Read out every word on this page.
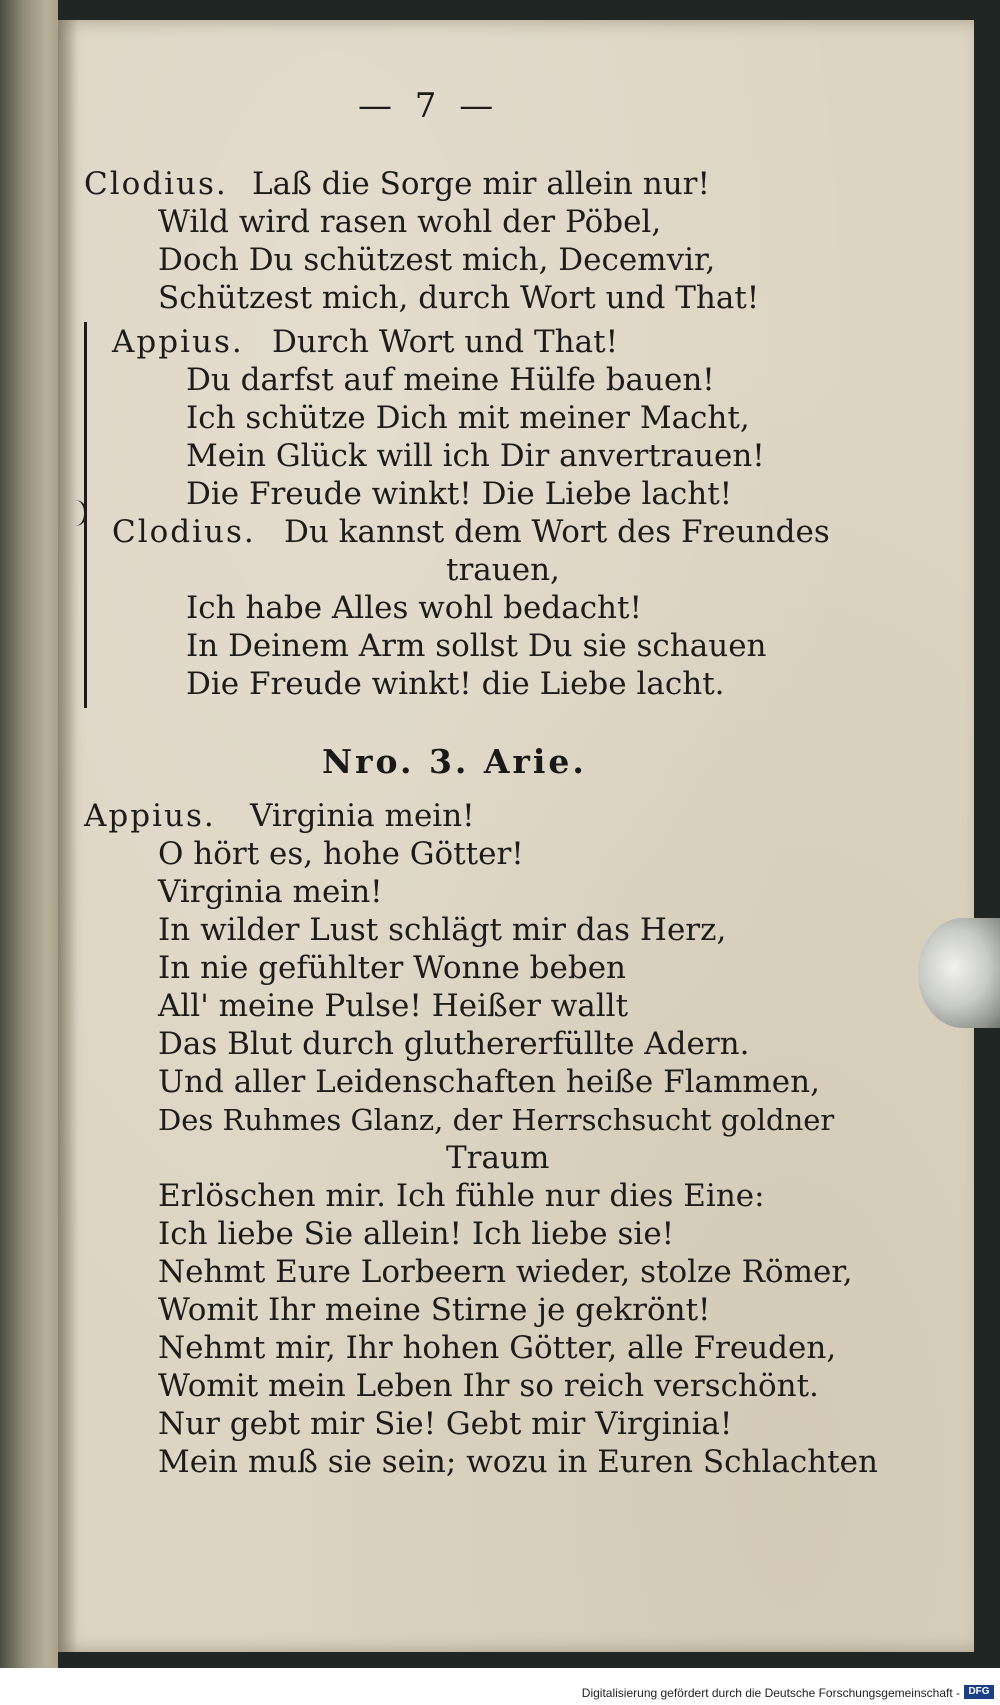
— 7 —
Clodius. Laß die Sorge mir allein nur!
Wild wird rasen wohl der Pöbel,
Doch Du schützest mich, Decemvir,
Schützest mich, durch Wort und That!
Appius. Durch Wort und That!
Du darfst auf meine Hülfe bauen!
Ich schütze Dich mit meiner Macht,
Mein Glück will ich Dir anvertrauen!
Die Freude winkt! Die Liebe lacht!
Clodius. Du kannst dem Wort des Freundes
trauen,
Ich habe Alles wohl bedacht!
In Deinem Arm sollst Du sie schauen
Die Freude winkt! die Liebe lacht.
Nro. 3. Arie.
Appius. Virginia mein!
O hört es, hohe Götter!
Virginia mein!
In wilder Lust schlägt mir das Herz,
In nie gefühlter Wonne beben
All' meine Pulse! Heißer wallt
Das Blut durch gluthererfüllte Adern.
Und aller Leidenschaften heiße Flammen,
Des Ruhmes Glanz, der Herrschsucht goldner
Traum
Erlöschen mir. Ich fühle nur dies Eine:
Ich liebe Sie allein! Ich liebe sie!
Nehmt Eure Lorbeern wieder, stolze Römer,
Womit Ihr meine Stirne je gekrönt!
Nehmt mir, Ihr hohen Götter, alle Freuden,
Womit mein Leben Ihr so reich verschönt.
Nur gebt mir Sie! Gebt mir Virginia!
Mein muß sie sein; wozu in Euren Schlachten
Digitalisierung gefördert durch die Deutsche Forschungsgemeinschaft - DFG
